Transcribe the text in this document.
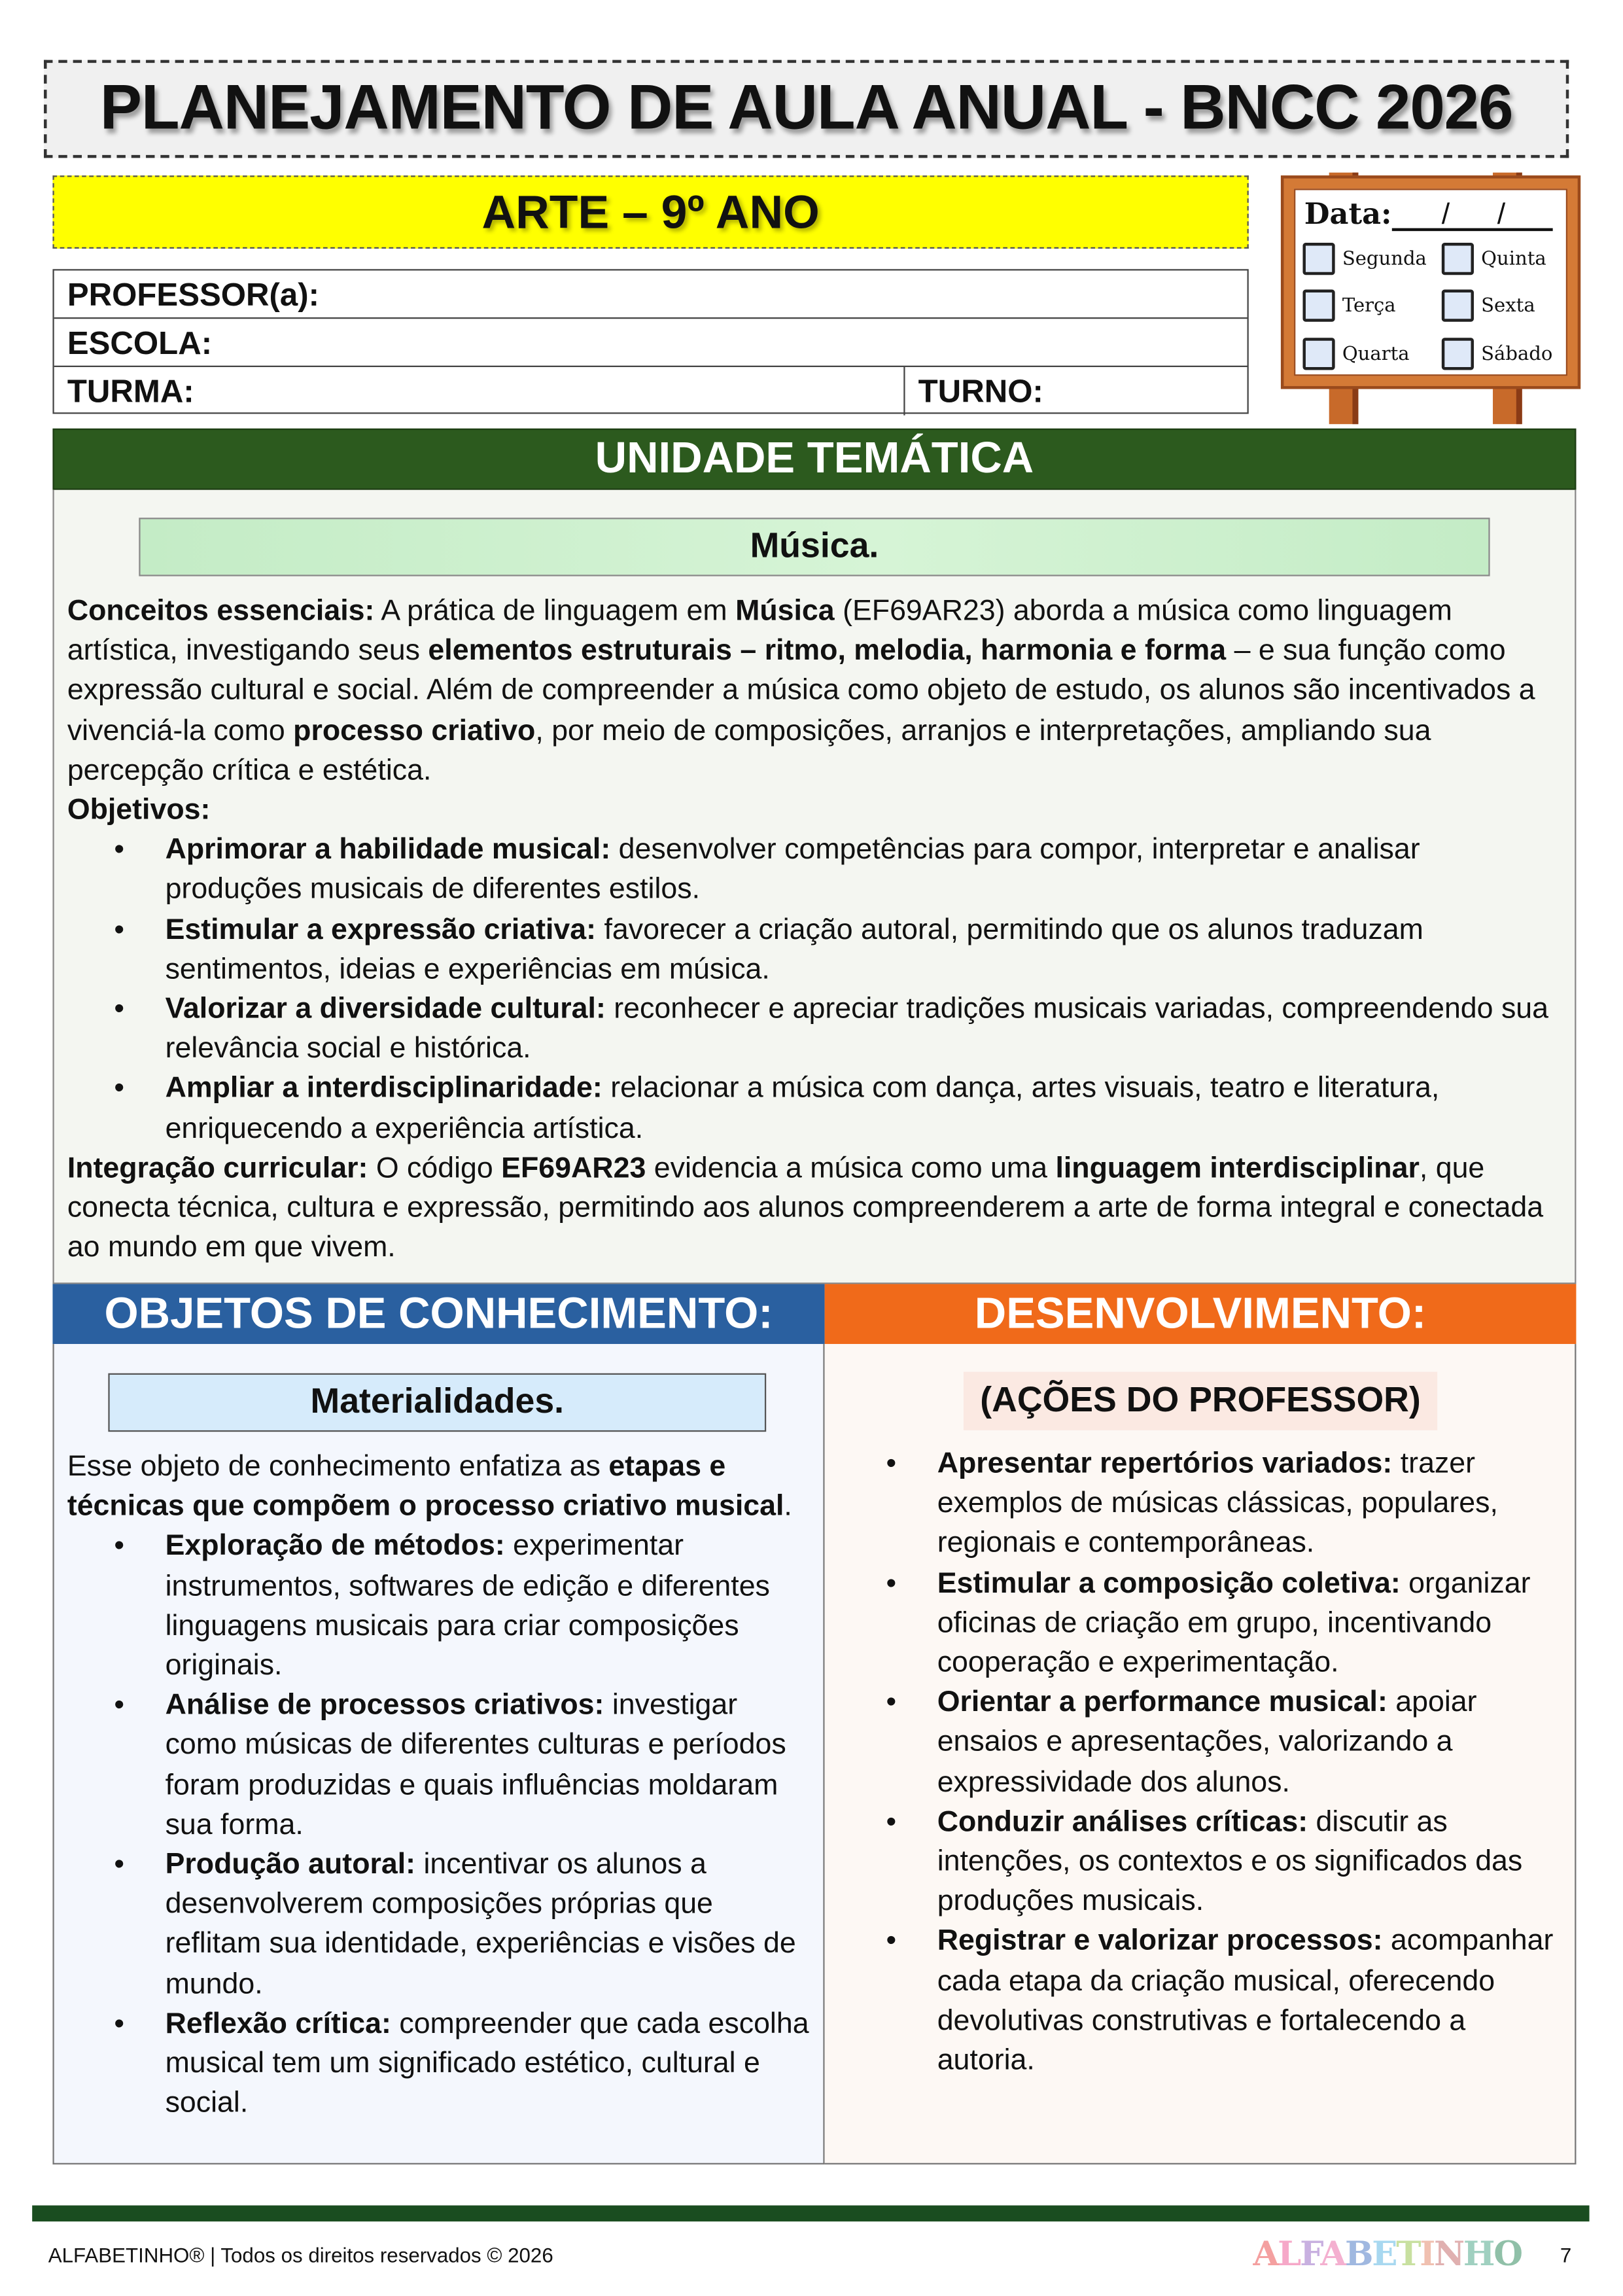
PLANEJAMENTO DE AULA ANUAL - BNCC 2026
ARTE – 9º ANO
PROFESSOR(a):
ESCOLA:
TURMA:	TURNO:
Data:	/	/
Segunda	Quinta
Terça	Sexta
Quarta	Sábado
UNIDADE TEMÁTICA
Música.
Conceitos essenciais: A prática de linguagem em Música (EF69AR23) aborda a música como linguagem artística, investigando seus elementos estruturais – ritmo, melodia, harmonia e forma – e sua função como expressão cultural e social. Além de compreender a música como objeto de estudo, os alunos são incentivados a vivenciá-la como processo criativo, por meio de composições, arranjos e interpretações, ampliando sua percepção crítica e estética.
Objetivos:
• Aprimorar a habilidade musical: desenvolver competências para compor, interpretar e analisar produções musicais de diferentes estilos.
• Estimular a expressão criativa: favorecer a criação autoral, permitindo que os alunos traduzam sentimentos, ideias e experiências em música.
• Valorizar a diversidade cultural: reconhecer e apreciar tradições musicais variadas, compreendendo sua relevância social e histórica.
• Ampliar a interdisciplinaridade: relacionar a música com dança, artes visuais, teatro e literatura, enriquecendo a experiência artística.
Integração curricular: O código EF69AR23 evidencia a música como uma linguagem interdisciplinar, que conecta técnica, cultura e expressão, permitindo aos alunos compreenderem a arte de forma integral e conectada ao mundo em que vivem.
OBJETOS DE CONHECIMENTO:	DESENVOLVIMENTO:
Materialidades.	(AÇÕES DO PROFESSOR)
Esse objeto de conhecimento enfatiza as etapas e técnicas que compõem o processo criativo musical.
• Exploração de métodos: experimentar instrumentos, softwares de edição e diferentes linguagens musicais para criar composições originais.
• Análise de processos criativos: investigar como músicas de diferentes culturas e períodos foram produzidas e quais influências moldaram sua forma.
• Produção autoral: incentivar os alunos a desenvolverem composições próprias que reflitam sua identidade, experiências e visões de mundo.
• Reflexão crítica: compreender que cada escolha musical tem um significado estético, cultural e social.
• Apresentar repertórios variados: trazer exemplos de músicas clássicas, populares, regionais e contemporâneas.
• Estimular a composição coletiva: organizar oficinas de criação em grupo, incentivando cooperação e experimentação.
• Orientar a performance musical: apoiar ensaios e apresentações, valorizando a expressividade dos alunos.
• Conduzir análises críticas: discutir as intenções, os contextos e os significados das produções musicais.
• Registrar e valorizar processos: acompanhar cada etapa da criação musical, oferecendo devolutivas construtivas e fortalecendo a autoria.
ALFABETINHO® | Todos os direitos reservados © 2026	ALFABETINHO	7
